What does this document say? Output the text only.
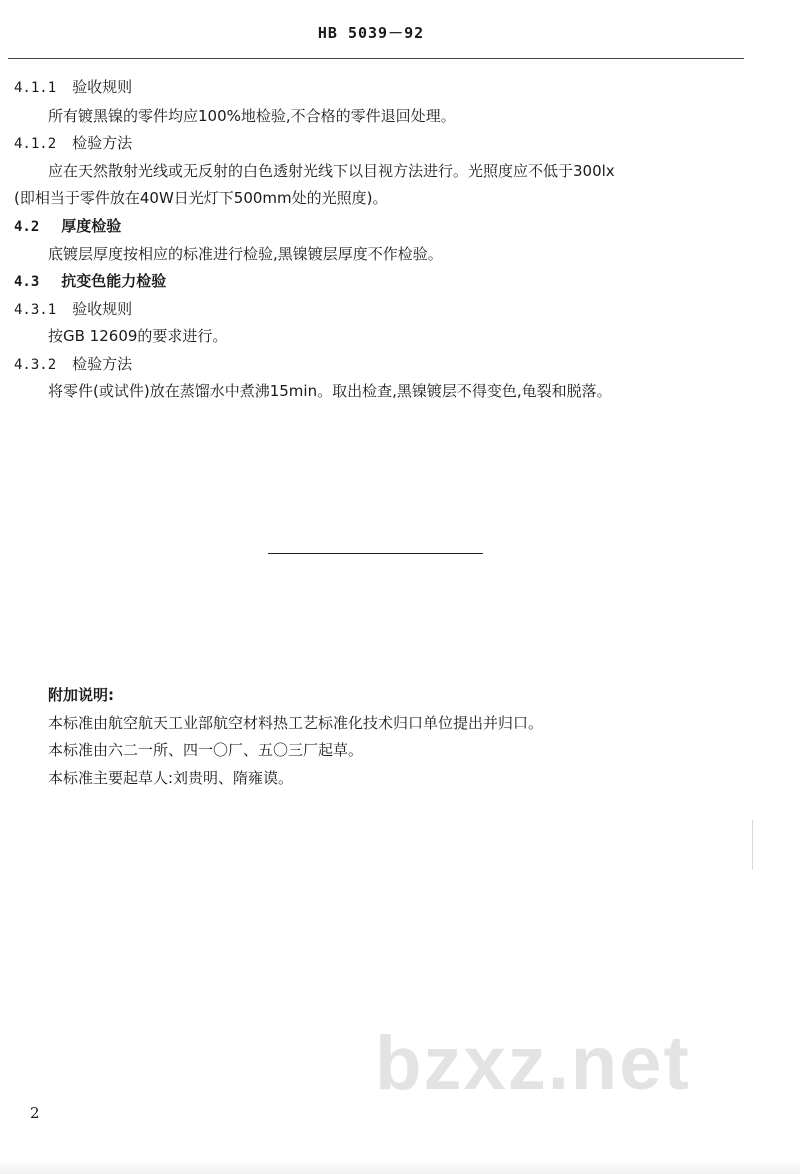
HB 5039－92
4.1.1 验收规则
所有镀黑镍的零件均应100%地检验,不合格的零件退回处理。
4.1.2 检验方法
应在天然散射光线或无反射的白色透射光线下以目视方法进行。光照度应不低于300lx
(即相当于零件放在40W日光灯下500mm处的光照度)。
4.2 厚度检验
底镀层厚度按相应的标准进行检验,黑镍镀层厚度不作检验。
4.3 抗变色能力检验
4.3.1 验收规则
按GB 12609的要求进行。
4.3.2 检验方法
将零件(或试件)放在蒸馏水中煮沸15min。取出检查,黑镍镀层不得变色,龟裂和脱落。
附加说明:
本标准由航空航天工业部航空材料热工艺标准化技术归口单位提出并归口。
本标准由六二一所、四一〇厂、五〇三厂起草。
本标准主要起草人:刘贵明、隋雍谟。
bzxz.net
2
